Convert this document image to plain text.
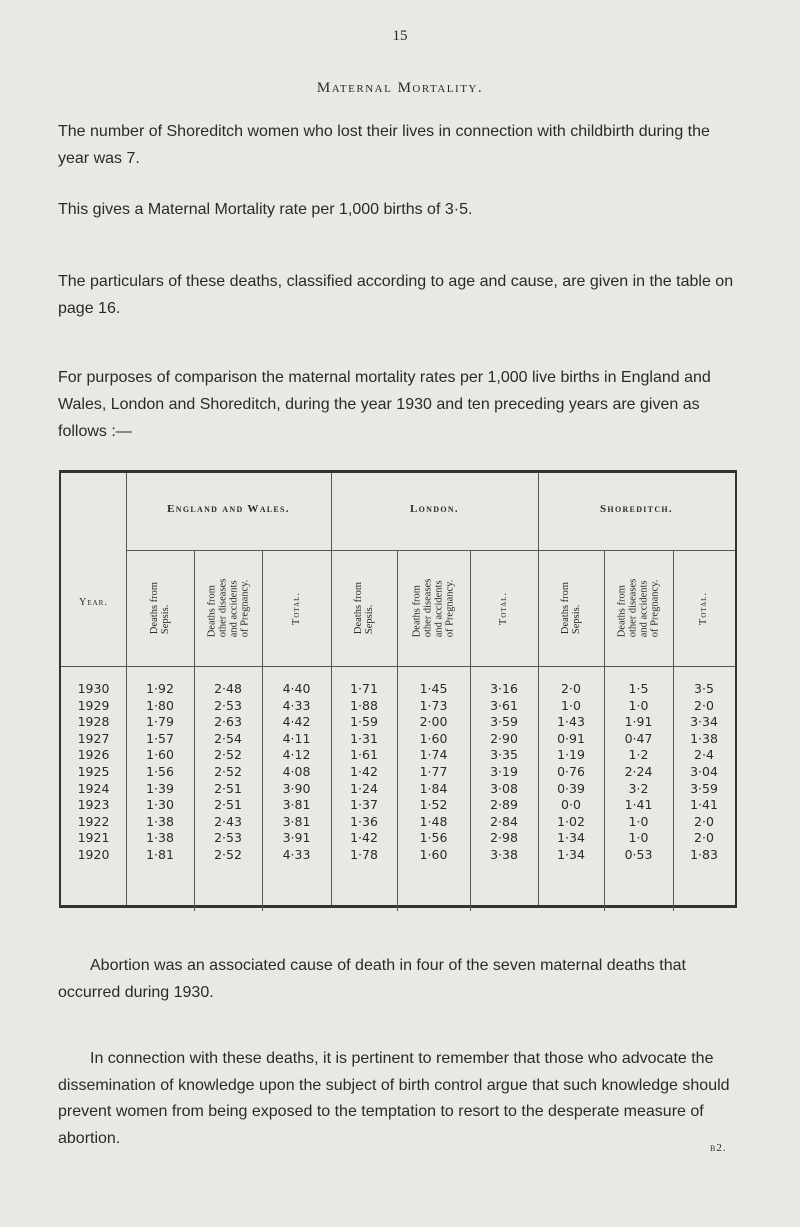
15
Maternal Mortality.

The number of Shoreditch women who lost their lives in connection with childbirth during the year was 7.

This gives a Maternal Mortality rate per 1,000 births of 3·5.

The particulars of these deaths, classified according to age and cause, are given in the table on page 16.

For purposes of comparison the maternal mortality rates per 1,000 live births in England and Wales, London and Shoreditch, during the year 1930 and ten preceding years are given as follows :—

England and Wales.	London.	Shoreditch.
Year.	Deaths from Sepsis.	Deaths from other diseases and accidents of Pregnancy.	Total.	Deaths from Sepsis.	Deaths from other diseases and accidents of Pregnancy.	Total.	Deaths from Sepsis.	Deaths from other diseases and accidents of Pregnancy.	Total.
1930	1·92	2·48	4·40	1·71	1·45	3·16	2·0	1·5	3·5
1929	1·80	2·53	4·33	1·88	1·73	3·61	1·0	1·0	2·0
1928	1·79	2·63	4·42	1·59	2·00	3·59	1·43	1·91	3·34
1927	1·57	2·54	4·11	1·31	1·60	2·90	0·91	0·47	1·38
1926	1·60	2·52	4·12	1·61	1·74	3·35	1·19	1·2	2·4
1925	1·56	2·52	4·08	1·42	1·77	3·19	0·76	2·24	3·04
1924	1·39	2·51	3·90	1·24	1·84	3·08	0·39	3·2	3·59
1923	1·30	2·51	3·81	1·37	1·52	2·89	0·0	1·41	1·41
1922	1·38	2·43	3·81	1·36	1·48	2·84	1·02	1·0	2·0
1921	1·38	2·53	3·91	1·42	1·56	2·98	1·34	1·0	2·0
1920	1·81	2·52	4·33	1·78	1·60	3·38	1·34	0·53	1·83

Abortion was an associated cause of death in four of the seven maternal deaths that occurred during 1930.

In connection with these deaths, it is pertinent to remember that those who advocate the dissemination of knowledge upon the subject of birth control argue that such knowledge should prevent women from being exposed to the temptation to resort to the desperate measure of abortion.

b2.
